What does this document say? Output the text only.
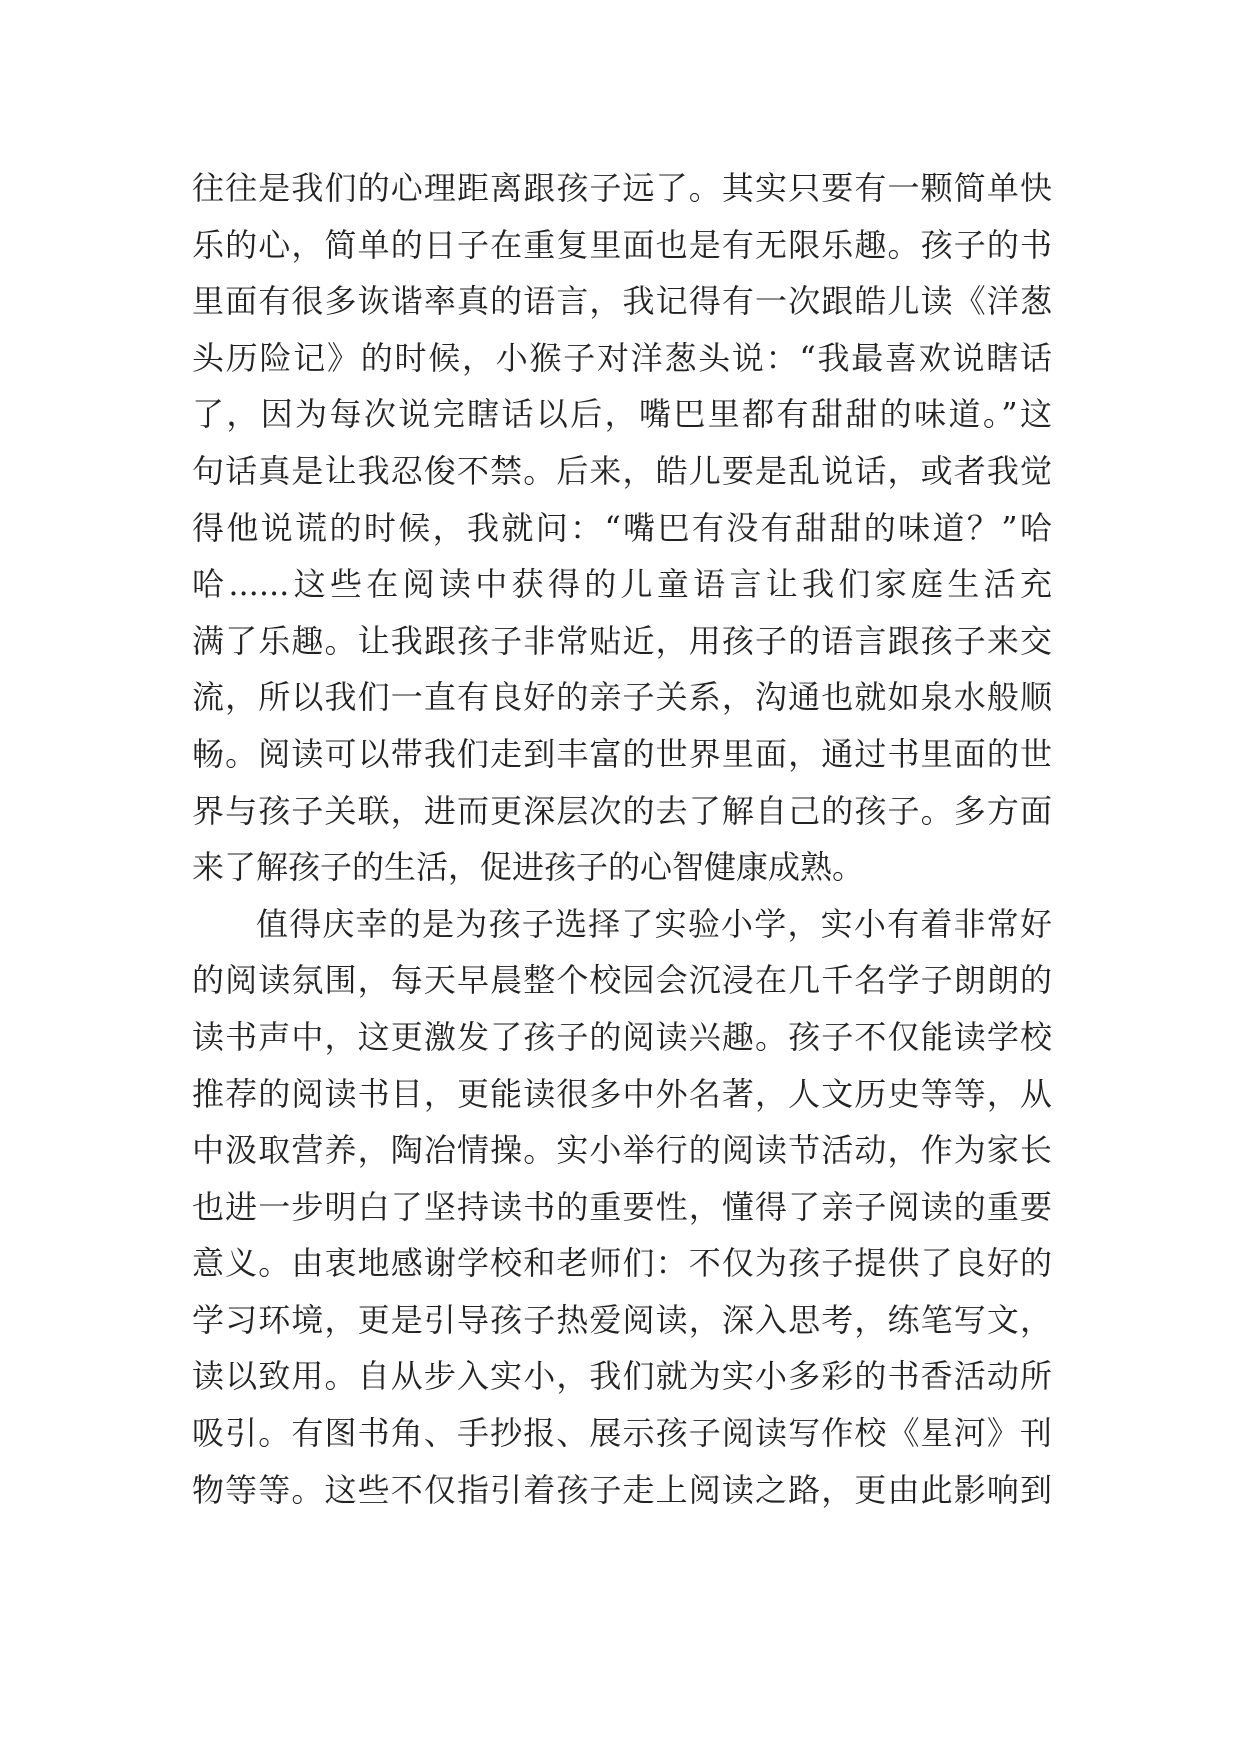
往往是我们的心理距离跟孩子远了。其实只要有一颗简单快
乐的心，简单的日子在重复里面也是有无限乐趣。孩子的书
里面有很多诙谐率真的语言，我记得有一次跟皓儿读《洋葱
头历险记》的时候，小猴子对洋葱头说：“我最喜欢说瞎话
了，因为每次说完瞎话以后，嘴巴里都有甜甜的味道。”这
句话真是让我忍俊不禁。后来，皓儿要是乱说话，或者我觉
得他说谎的时候，我就问：“嘴巴有没有甜甜的味道？”哈
哈......这些在阅读中获得的儿童语言让我们家庭生活充
满了乐趣。让我跟孩子非常贴近，用孩子的语言跟孩子来交
流，所以我们一直有良好的亲子关系，沟通也就如泉水般顺
畅。阅读可以带我们走到丰富的世界里面，通过书里面的世
界与孩子关联，进而更深层次的去了解自己的孩子。多方面
来了解孩子的生活，促进孩子的心智健康成熟。
值得庆幸的是为孩子选择了实验小学，实小有着非常好
的阅读氛围，每天早晨整个校园会沉浸在几千名学子朗朗的
读书声中，这更激发了孩子的阅读兴趣。孩子不仅能读学校
推荐的阅读书目，更能读很多中外名著，人文历史等等，从
中汲取营养，陶冶情操。实小举行的阅读节活动，作为家长
也进一步明白了坚持读书的重要性，懂得了亲子阅读的重要
意义。由衷地感谢学校和老师们：不仅为孩子提供了良好的
学习环境，更是引导孩子热爱阅读，深入思考，练笔写文，
读以致用。自从步入实小，我们就为实小多彩的书香活动所
吸引。有图书角、手抄报、展示孩子阅读写作校《星河》刊
物等等。这些不仅指引着孩子走上阅读之路，更由此影响到
